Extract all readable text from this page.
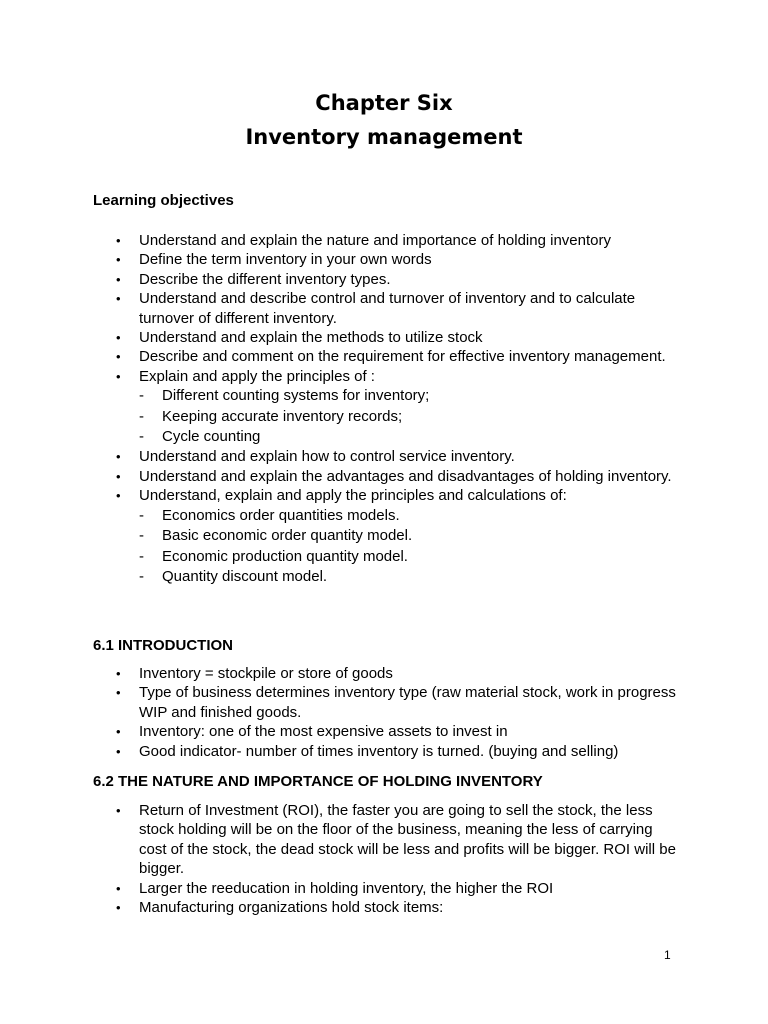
Chapter Six
Inventory management
Learning objectives
• Understand and explain the nature and importance of holding inventory
• Define the term inventory in your own words
• Describe the different inventory types.
• Understand and describe control and turnover of inventory and to calculate turnover of different inventory.
• Understand and explain the methods to utilize stock
• Describe and comment on the requirement for effective inventory management.
• Explain and apply the principles of :
- Different counting systems for inventory;
- Keeping accurate inventory records;
- Cycle counting
• Understand and explain how to control service inventory.
• Understand and explain the advantages and disadvantages of holding inventory.
• Understand, explain and apply the principles and calculations of:
- Economics order quantities models.
- Basic economic order quantity model.
- Economic production quantity model.
- Quantity discount model.
6.1 INTRODUCTION
• Inventory = stockpile or store of goods
• Type of business determines inventory type (raw material stock, work in progress WIP and finished goods.
• Inventory: one of the most expensive assets to invest in
• Good indicator- number of times inventory is turned. (buying and selling)
6.2 THE NATURE AND IMPORTANCE OF HOLDING INVENTORY
• Return of Investment (ROI), the faster you are going to sell the stock, the less stock holding will be on the floor of the business, meaning the less of carrying cost of the stock, the dead stock will be less and profits will be bigger. ROI will be bigger.
• Larger the reeducation in holding inventory, the higher the ROI
• Manufacturing organizations hold stock items:
1
